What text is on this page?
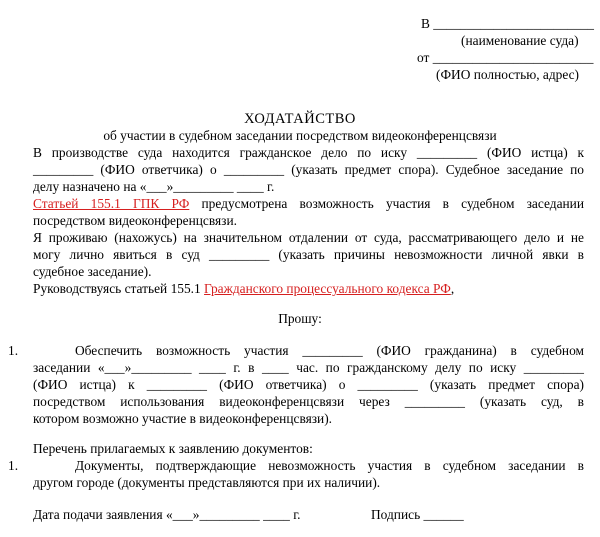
В ________________________
(наименование суда)
от ________________________
(ФИО полностью, адрес)
ХОДАТАЙСТВО
об участии в судебном заседании посредством видеоконференцсвязи
В производстве суда находится гражданское дело по иску _________ (ФИО истца) к
_________ (ФИО ответчика) о _________ (указать предмет спора). Судебное заседание по
делу назначено на «___»_________ ____ г.
Статьей 155.1 ГПК РФ предусмотрена возможность участия в судебном заседании
посредством видеоконференцсвязи.
Я проживаю (нахожусь) на значительном отдалении от суда, рассматривающего дело и не
могу лично явиться в суд _________ (указать причины невозможности личной явки в
судебное заседание).
Руководствуясь статьей 155.1 Гражданского процессуального кодекса РФ,
Прошу:
1.	Обеспечить возможность участия _________ (ФИО гражданина) в судебном
заседании «___»_________ ____ г. в ____ час. по гражданскому делу по иску _________
(ФИО истца) к _________ (ФИО ответчика) о _________ (указать предмет спора)
посредством использования видеоконференцсвязи через _________ (указать суд, в
котором возможно участие в видеоконференцсвязи).
Перечень прилагаемых к заявлению документов:
1.	Документы, подтверждающие невозможность участия в судебном заседании в
другом городе (документы представляются при их наличии).
Дата подачи заявления «___»_________ ____ г.	Подпись ______
